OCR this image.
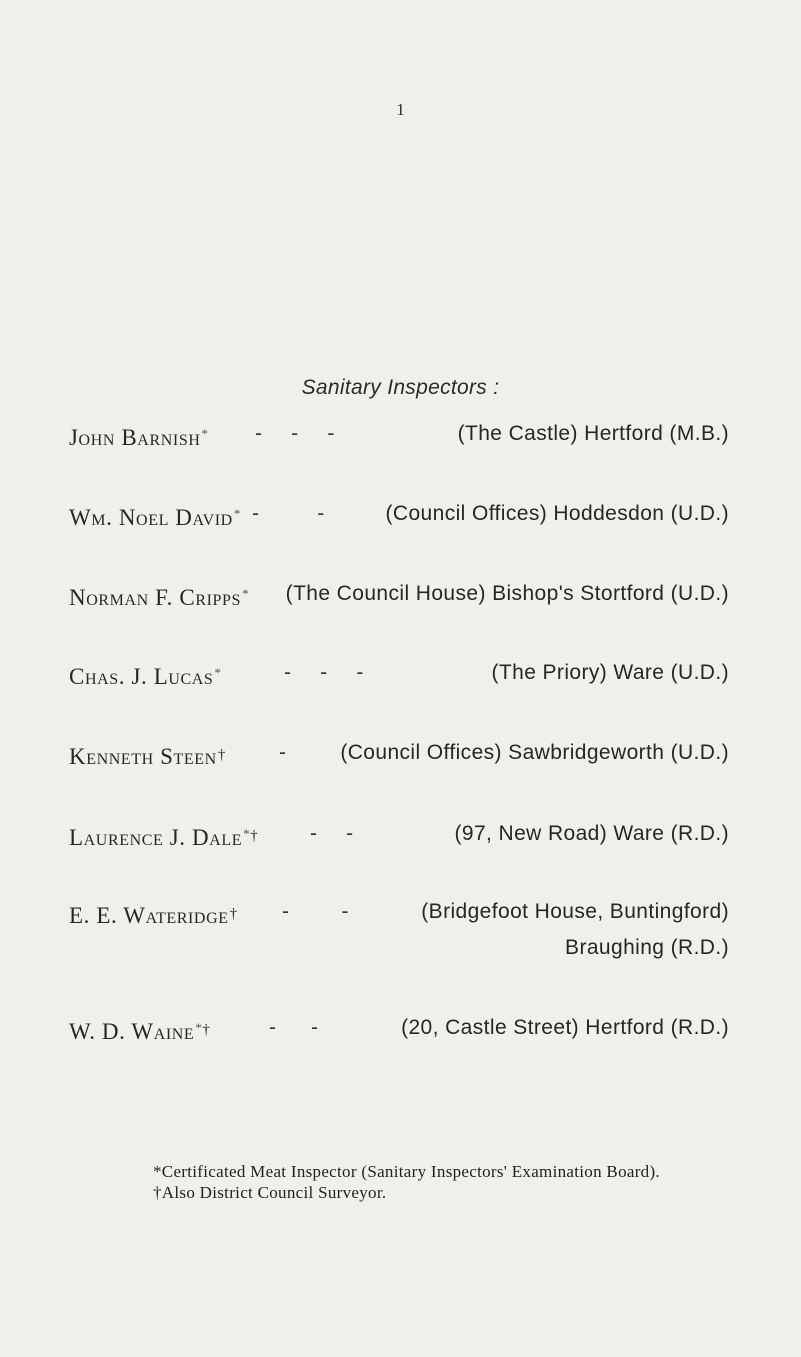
1
Sanitary Inspectors :
John Barnish* -     -     -	(The Castle) Hertford (M.B.)
Wm. Noel David* -          -	(Council Offices) Hoddesdon (U.D.)
Norman F. Cripps* (The Council House) Bishop's Stortford (U.D.)
Chas. J. Lucas*	-     -     -	(The Priory) Ware (U.D.)
Kenneth Steen†	-	(Council Offices) Sawbridgeworth (U.D.)
Laurence J. Dale*† -     -	(97, New Road) Ware (R.D.)
E. E. Wateridge† -         -	(Bridgefoot House, Buntingford)
Braughing (R.D.)
W. D. Waine*†	-      -	(20, Castle Street) Hertford (R.D.)
*Certificated Meat Inspector (Sanitary Inspectors' Examination Board).
†Also District Council Surveyor.
